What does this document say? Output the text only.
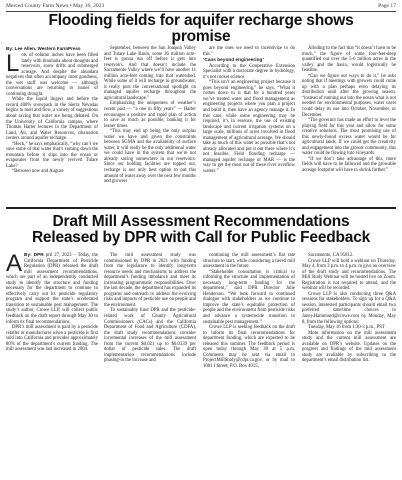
Merced County Farm News • May 16, 2023	Page 17
Flooding fields for aquifer recharge shows
promise
By: Lee Allen, Western FarmPress

Lots of column inches have been filled lately with brouhaha about droughts and reservoirs, snow drifts and submerged acreage. And despite the abundant negatives that often accompany most goodness, the wet stuff was welcome — although conversations are returning to issues of continuing drought.

While the liquid lingers and before the record 400% snowpack in the Sierra Nevadas begins to melt and flow, a variety of suggestions about saving that water are being debated. On the University of California campus, where Thomas Harter lectures in the Department of Land, Air, and Water Resources, discussion centers around aquifer recharge.

“Heck,” he says emphatically, “why can’t we save some of that water that’s coming down the mountain before it slips into the ocean or evaporates from the newly revived Tulare Lake?

“Between now and August-

September, between the San Joaquin Valley and Tulare Lake Basin, some 36 million acre-feet is gonna run off before it gets into reservoirs. And that doesn’t include the Sacramento Valley where we’ll have another 11 million acre-feet coming into that watershed. While some of it will recharge to groundwater, it really puts the conversational spotlight on managed aquifer recharge throughout the agricultural landscape.”

Emphasizing the uniqueness of weather’s recent past — “a one in fifty years” — Harter encourages a positive and rapid plan of action to save as much as possible, banking it for leaner times.

“This may end up being the only surplus water we have and given the constraints between SGMA and the availability of surface water, it will really be the only additional water we could have in the system that we’re not already saving somewhere in our reservoirs. Since our holding facilities are topped out, recharge is our only best option to put this amount of water away over the next few months and growers

are the ones we need to incentivize to do this.”

‘Cans beyond engineering’

According to the Cooperative Extension Specialist with a doctorate degree in hydrology, it’s not rocket science.

“This isn’t an engineering project because it goes beyond engineering,” he says. “What it comes down to is that for a hundred years we’ve treated water and flood management as engineering projects where you plan a project and build it, then have an agency manage it. In this case, while some engineering may be required, it’s in essence, the use of existing landscape and current irrigation systems on a large scale, millions of acres involved in flood management of agricultural acreage. We should take as much of this water as possible that’s not already allocated and put it out there where it’s not feasible. Field flooding recharge — managed aquifer recharge or MAR — is the way to get the most out of these river overflow waters.”

Alluding to the fact that “it doesn’t have to be much,” the figure of some four-feet-deep quantified out over the 5-6 million acres in the valley and the basin, would logistically be feasible.

“Can we figure out ways to do it,” he asks noting that if meetings with growers could come up with a plan perhaps even delaying its distribution until after the growing season. “instead of running out into the ocean what is not needed for environmental purposes, water users could delay its use into October, November, or December.

“The governor has made an effort to level the playing field for this year and allow for some creative solutions. The most promising use of this newly-found excess water would be for agricultural lands. If we could get the creativity and engagement into the grower community, this water could be flowing into vineyards.

“If we don’t take advantage of this, more fields will have to be fallowed and the growable acreage footprint will have to shrink further.”

Draft Mill Assessment Recommendations
Released by DPR with Call for Public Feedback

A By: DPR pril 27, 2023 – Today, the California Department of Pesticide Regulation (DPR) released the draft mill assessment recommendations, which are part of an independently conducted study to identify the structure and funding necessary for the department to continue to effectively carry out its pesticide regulatory program and support the state’s accelerated transition to sustainable pest management. The study’s author, Crowe LLP, will collect public feedback on the draft report through May 30 to inform its final recommendations.

DPR’s mill assessment is paid by a pesticide retailer or manufacturer when a pesticide is first sold into California and provides approximately 80% of the department’s current funding. The mill assessment was last increased in 2004.

The mill assessment study was commissioned by DPR in 2021 with funding from the legislature to identify long-term resource needs and mechanisms to address the department’s funding imbalance and meet its increasing programmatic responsibilities. Over the last decade, the department has expanded its programs and outreach to address the evolving risks and impacts of pesticide use on people and the environment.

To sustainably fund DPR and the pesticide-related work of County Agricultural Commissioners (CACs) and the California Department of Food and Agriculture (CDFA), the draft study recommendations consider incremental increases of the mill assessment from the current $0.021 up to $0.0339 per dollar of pesticide sales. The draft implementation recommendations include phasing-in the increase and

continuing the mill assessment’s flat rate structure to start, while considering a tiered mill assessment in the future.

“Stakeholder consultation is critical to informing the structure and implementation of necessary long-term funding for the department,” said DPR Director Julie Henderson. “We look forward to continued dialogue with stakeholders as we continue to improve the state’s equitable protection of people and the environment from pesticide risks and advance a systemwide transition to sustainable pest management.”

Crowe LLP is seeking feedback on the draft to inform its final recommendations for department funding, which are expected to be released this summer. The feedback period is open today through May 30 at 5 p.m. Comments may be sent via email to ProjectMillStudy@cdpr.ca.gov, or by mail to 1001 I Street, P.O. Box 4015,

Sacramento, CA 95812.

Crowe LLP will hold a webinar on Thursday, May 4, from 3 p.m. to 4 p.m. to give an overview of the draft study and recommendations. The Mill Study Webinar will be hosted live on Zoom. Registration is not required to attend, and the webinar will be recorded.

Crowe LLP is also conducting three Q&A sessions for stakeholders. To sign up for a Q&A session, interested participants should email two preferred date/time choices to Janey.Hammond@crowe.com by Monday, May 8, from the following options:

Tuesday, May 16 from 1:30-3 p.m., PST

More information on the mill assessment study and the current mill assessment are available on DPR’s website. Updates on the progress and findings of the mill assessment study are available by subscribing to the department’s email distribution list.
